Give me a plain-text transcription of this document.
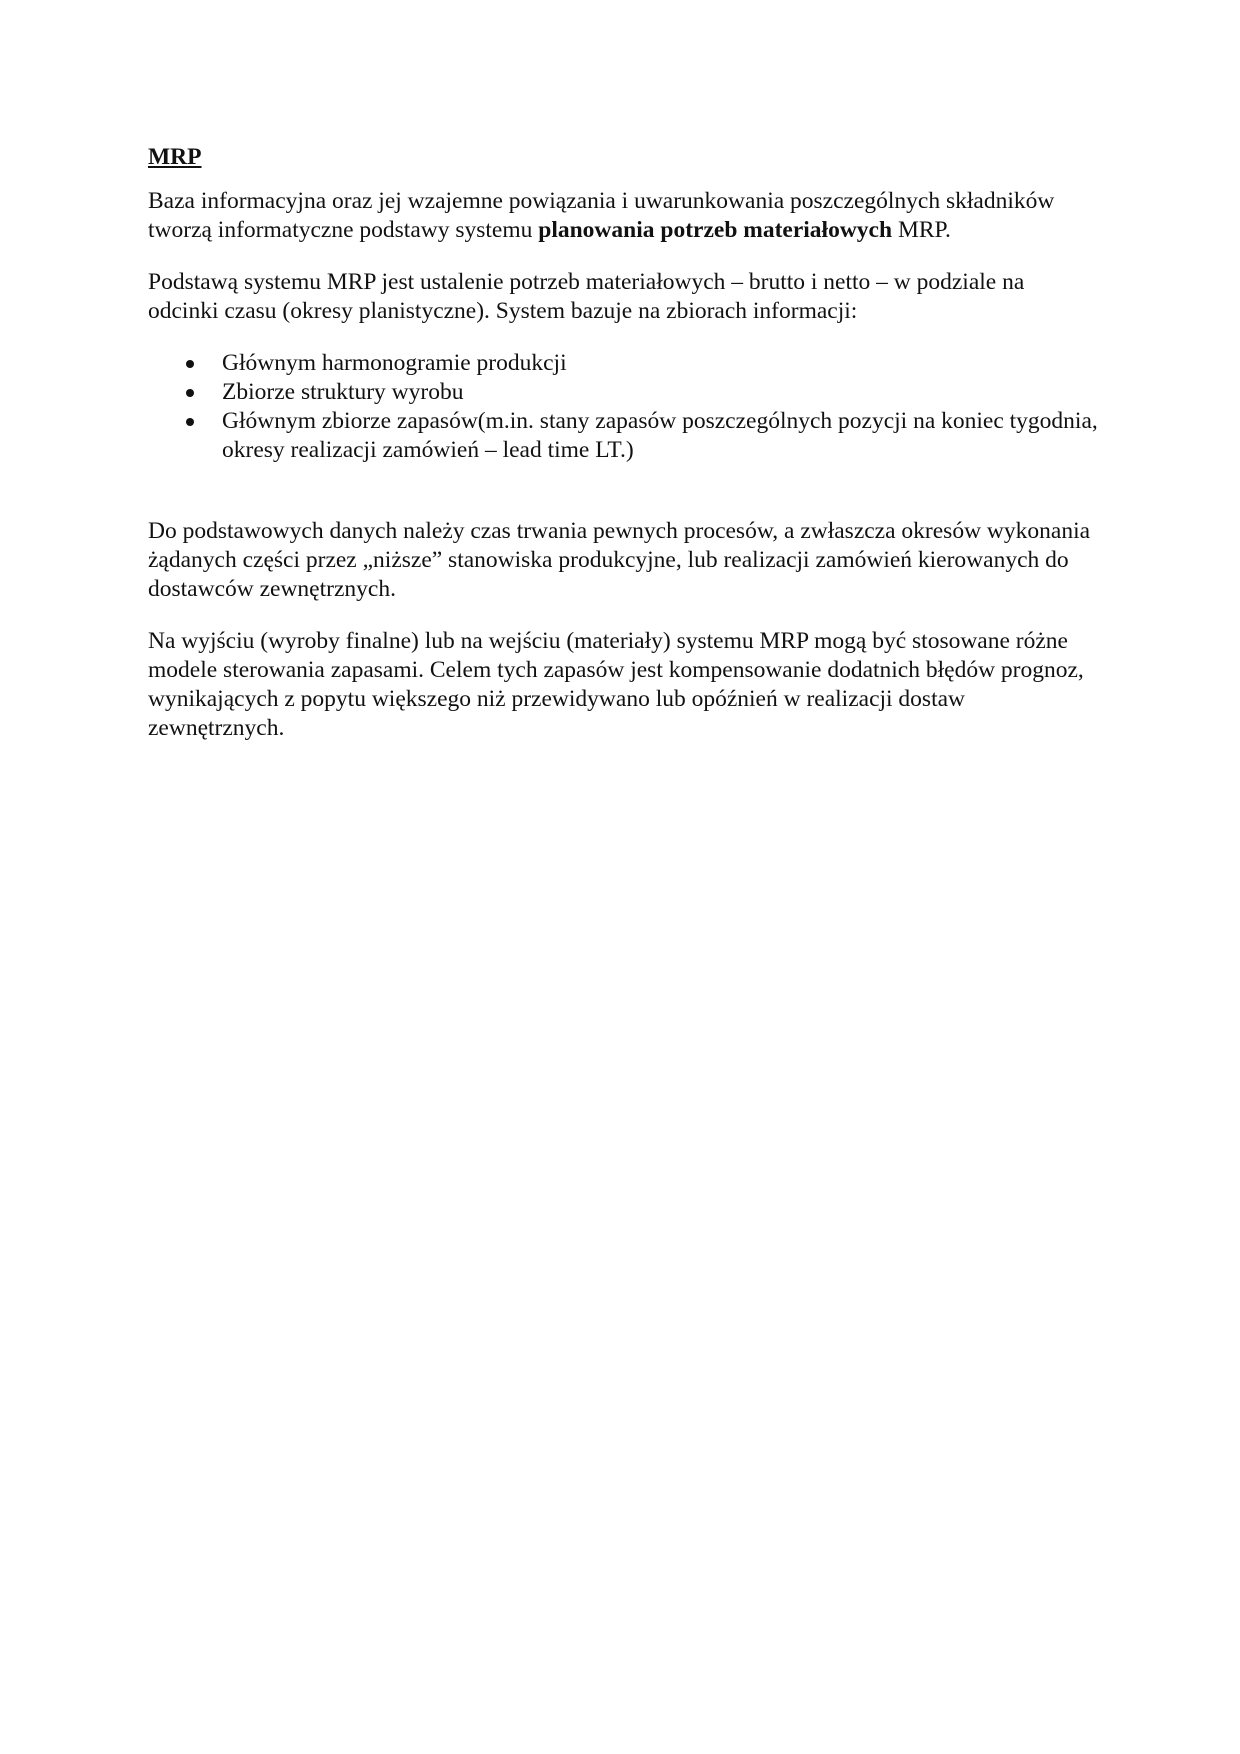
MRP

Baza informacyjna oraz jej wzajemne powiązania i uwarunkowania poszczególnych składników tworzą informatyczne podstawy systemu planowania potrzeb materiałowych MRP.

Podstawą systemu MRP jest ustalenie potrzeb materiałowych – brutto i netto – w podziale na odcinki czasu (okresy planistyczne). System bazuje na zbiorach informacji:

Głównym harmonogramie produkcji
Zbiorze struktury wyrobu
Głównym zbiorze zapasów(m.in. stany zapasów poszczególnych pozycji na koniec tygodnia, okresy realizacji zamówień – lead time LT.)

Do podstawowych danych należy czas trwania pewnych procesów, a zwłaszcza okresów wykonania żądanych części przez „niższe” stanowiska produkcyjne, lub realizacji zamówień kierowanych do dostawców zewnętrznych.

Na wyjściu (wyroby finalne) lub na wejściu (materiały) systemu MRP mogą być stosowane różne modele sterowania zapasami. Celem tych zapasów jest kompensowanie dodatnich błędów prognoz, wynikających z popytu większego niż przewidywano lub opóźnień w realizacji dostaw zewnętrznych.
